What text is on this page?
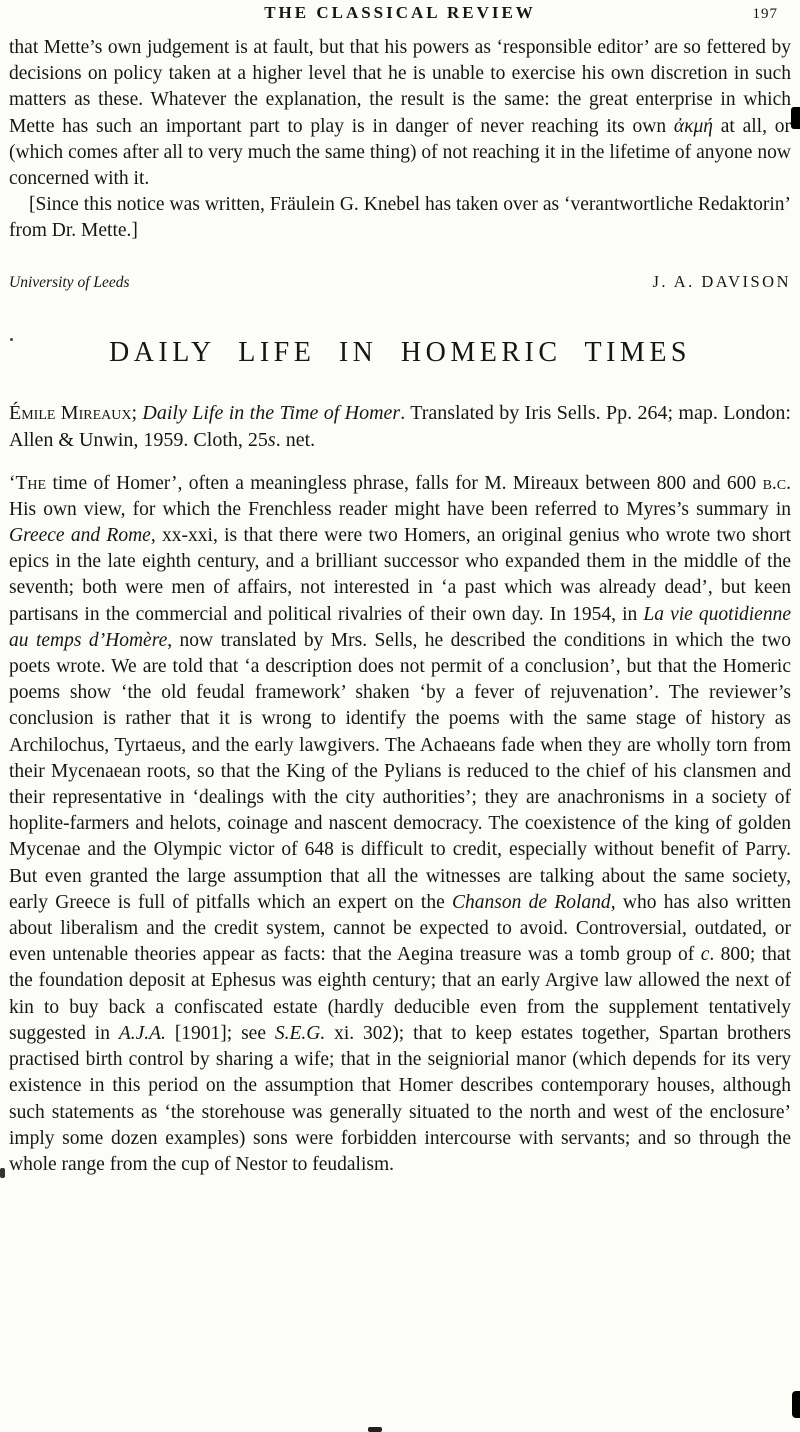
THE CLASSICAL REVIEW	197

that Mette’s own judgement is at fault, but that his powers as ‘responsible editor’ are so fettered by decisions on policy taken at a higher level that he is unable to exercise his own discretion in such matters as these. Whatever the explanation, the result is the same: the great enterprise in which Mette has such an important part to play is in danger of never reaching its own ἀκμή at all, or (which comes after all to very much the same thing) of not reaching it in the lifetime of anyone now concerned with it.

[Since this notice was written, Fräulein G. Knebel has taken over as ‘verantwortliche Redaktorin’ from Dr. Mette.]

University of Leeds	J. A. DAVISON
DAILY LIFE IN HOMERIC TIMES

Émile Mireaux; Daily Life in the Time of Homer. Translated by Iris Sells. Pp. 264; map. London: Allen & Unwin, 1959. Cloth, 25s. net.

‘The time of Homer’, often a meaningless phrase, falls for M. Mireaux between 800 and 600 b.c. His own view, for which the Frenchless reader might have been referred to Myres’s summary in Greece and Rome, xx-xxi, is that there were two Homers, an original genius who wrote two short epics in the late eighth century, and a brilliant successor who expanded them in the middle of the seventh; both were men of affairs, not interested in ‘a past which was already dead’, but keen partisans in the commercial and political rivalries of their own day. In 1954, in La vie quotidienne au temps d’Homère, now translated by Mrs. Sells, he described the conditions in which the two poets wrote. We are told that ‘a description does not permit of a conclusion’, but that the Homeric poems show ‘the old feudal framework’ shaken ‘by a fever of rejuvenation’. The reviewer’s conclusion is rather that it is wrong to identify the poems with the same stage of history as Archilochus, Tyrtaeus, and the early lawgivers. The Achaeans fade when they are wholly torn from their Mycenaean roots, so that the King of the Pylians is reduced to the chief of his clansmen and their representative in ‘dealings with the city authorities’; they are anachronisms in a society of hoplite-farmers and helots, coinage and nascent democracy. The coexistence of the king of golden Mycenae and the Olympic victor of 648 is difficult to credit, especially without benefit of Parry. But even granted the large assumption that all the witnesses are talking about the same society, early Greece is full of pitfalls which an expert on the Chanson de Roland, who has also written about liberalism and the credit system, cannot be expected to avoid. Controversial, outdated, or even untenable theories appear as facts: that the Aegina treasure was a tomb group of c. 800; that the foundation deposit at Ephesus was eighth century; that an early Argive law allowed the next of kin to buy back a confiscated estate (hardly deducible even from the supplement tentatively suggested in A.J.A. [1901]; see S.E.G. xi. 302); that to keep estates together, Spartan brothers practised birth control by sharing a wife; that in the seigniorial manor (which depends for its very existence in this period on the assumption that Homer describes contemporary houses, although such statements as ‘the storehouse was generally situated to the north and west of the enclosure’ imply some dozen examples) sons were forbidden intercourse with servants; and so through the whole range from the cup of Nestor to feudalism.
